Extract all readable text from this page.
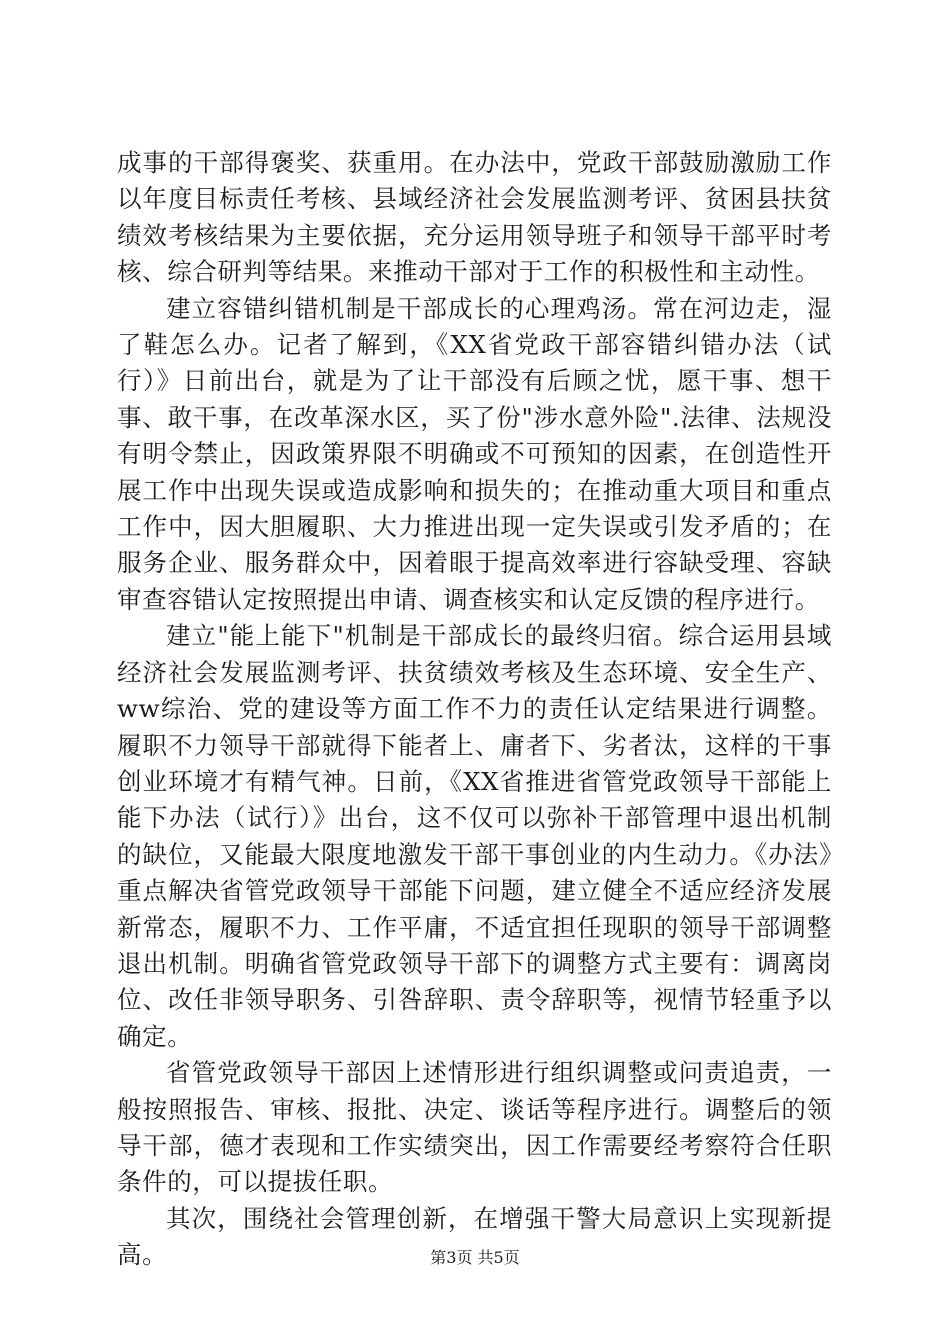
成事的干部得褒奖、获重用。在办法中，党政干部鼓励激励工作以年度目标责任考核、县域经济社会发展监测考评、贫困县扶贫绩效考核结果为主要依据，充分运用领导班子和领导干部平时考核、综合研判等结果。来推动干部对于工作的积极性和主动性。

建立容错纠错机制是干部成长的心理鸡汤。常在河边走，湿了鞋怎么办。记者了解到，《XX省党政干部容错纠错办法（试行）》日前出台，就是为了让干部没有后顾之忧，愿干事、想干事、敢干事，在改革深水区，买了份"涉水意外险".法律、法规没有明令禁止，因政策界限不明确或不可预知的因素，在创造性开展工作中出现失误或造成影响和损失的；在推动重大项目和重点工作中，因大胆履职、大力推进出现一定失误或引发矛盾的；在服务企业、服务群众中，因着眼于提高效率进行容缺受理、容缺审查容错认定按照提出申请、调查核实和认定反馈的程序进行。

建立"能上能下"机制是干部成长的最终归宿。综合运用县域经济社会发展监测考评、扶贫绩效考核及生态环境、安全生产、ww综治、党的建设等方面工作不力的责任认定结果进行调整。履职不力领导干部就得下能者上、庸者下、劣者汰，这样的干事创业环境才有精气神。日前，《XX省推进省管党政领导干部能上能下办法（试行）》出台，这不仅可以弥补干部管理中退出机制的缺位，又能最大限度地激发干部干事创业的内生动力。《办法》重点解决省管党政领导干部能下问题，建立健全不适应经济发展新常态，履职不力、工作平庸，不适宜担任现职的领导干部调整退出机制。明确省管党政领导干部下的调整方式主要有：调离岗位、改任非领导职务、引咎辞职、责令辞职等，视情节轻重予以确定。

省管党政领导干部因上述情形进行组织调整或问责追责，一般按照报告、审核、报批、决定、谈话等程序进行。调整后的领导干部，德才表现和工作实绩突出，因工作需要经考察符合任职条件的，可以提拔任职。

其次，围绕社会管理创新，在增强干警大局意识上实现新提高。	第3页 共5页
